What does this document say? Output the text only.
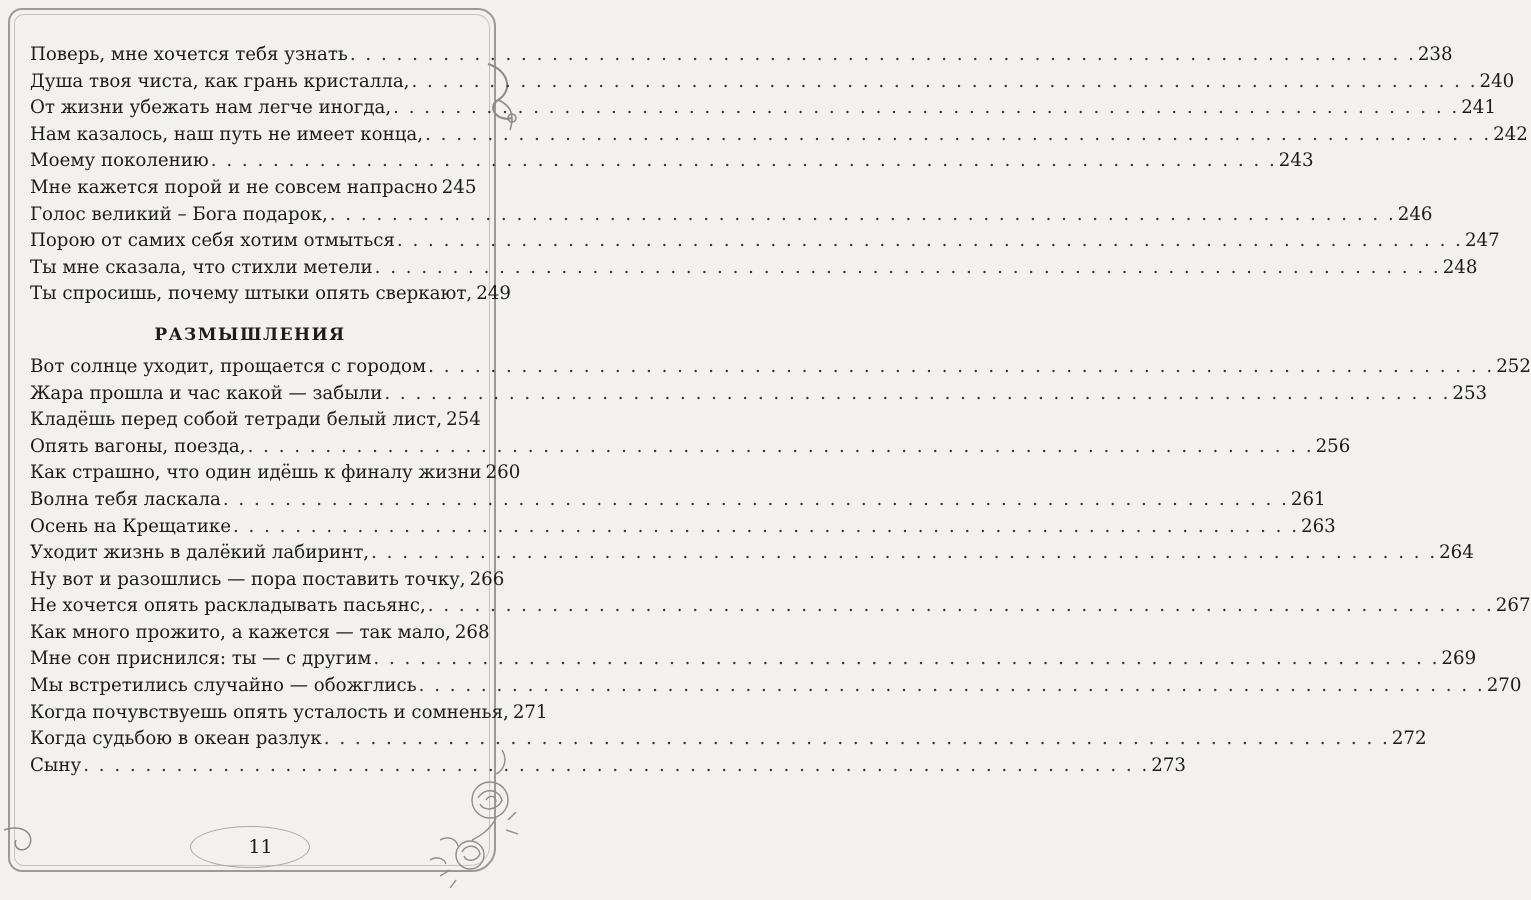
Поверь, мне хочется тебя узнать . . .	238
Душа твоя чиста, как грань кристалла, . . .	240
От жизни убежать нам легче иногда, . . .	241
Нам казалось, наш путь не имеет конца, . . .	242
Моему поколению . . .	243
Мне кажется порой и не совсем напрасно 245
Голос великий – Бога подарок, . . .	246
Порою от самих себя хотим отмыться . . .	247
Ты мне сказала, что стихли метели . . .	248
Ты спросишь, почему штыки опять сверкают, 249
РАЗМЫШЛЕНИЯ
Вот солнце уходит, прощается с городом . . .	252
Жара прошла и час какой — забыли . . .	253
Кладёшь перед собой тетради белый лист, 254
Опять вагоны, поезда, . . .	256
Как страшно, что один идёшь к финалу жизни 260
Волна тебя ласкала . . .	261
Осень на Крещатике . . .	263
Уходит жизнь в далёкий лабиринт, . . .	264
Ну вот и разошлись — пора поставить точку, 266
Не хочется опять раскладывать пасьянс, . . .	267
Как много прожито, а кажется — так мало, 268
Мне сон приснился: ты — с другим . . .	269
Мы встретились случайно — обожглись . . .	270
Когда почувствуешь опять усталость и сомненья, 271
Когда судьбою в океан разлук . . .	272
Сыну . . .	273
11
